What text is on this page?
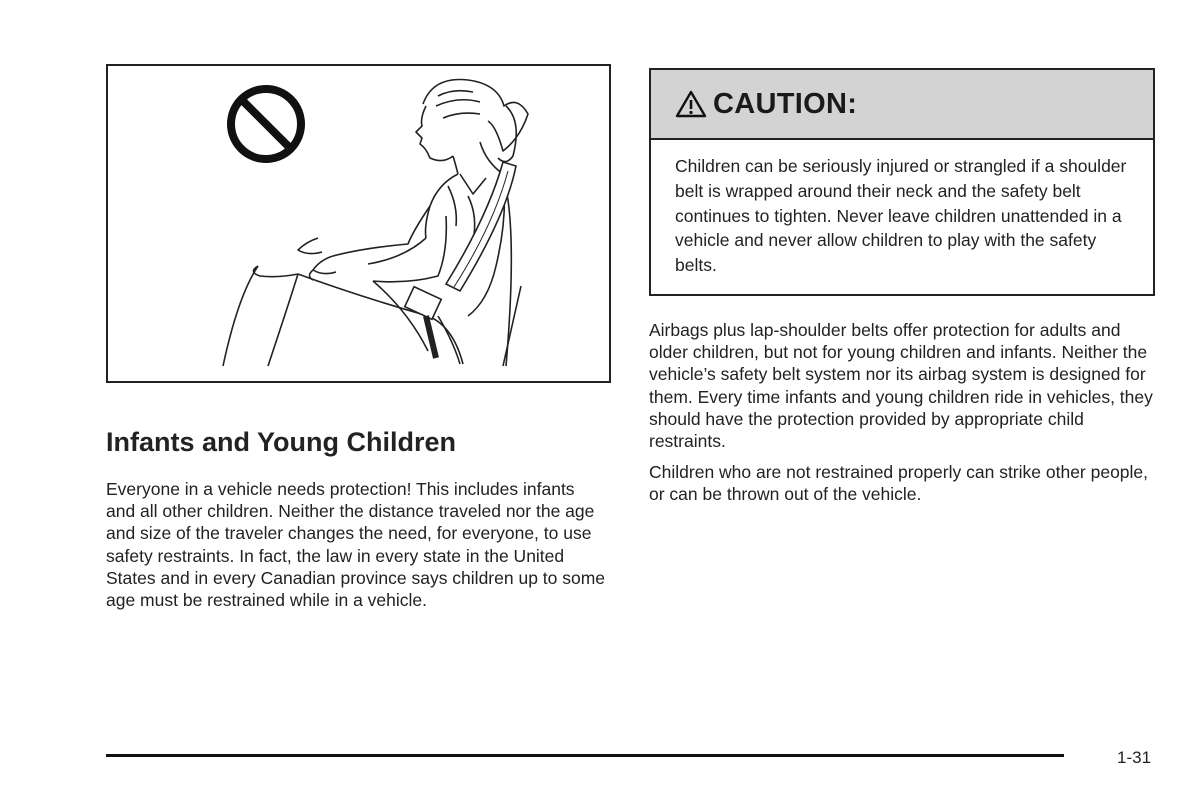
Infants and Young Children

Everyone in a vehicle needs protection! This includes infants and all other children. Neither the distance traveled nor the age and size of the traveler changes the need, for everyone, to use safety restraints. In fact, the law in every state in the United States and in every Canadian province says children up to some age must be restrained while in a vehicle.

CAUTION:

Children can be seriously injured or strangled if a shoulder belt is wrapped around their neck and the safety belt continues to tighten. Never leave children unattended in a vehicle and never allow children to play with the safety belts.

Airbags plus lap-shoulder belts offer protection for adults and older children, but not for young children and infants. Neither the vehicle’s safety belt system nor its airbag system is designed for them. Every time infants and young children ride in vehicles, they should have the protection provided by appropriate child restraints.

Children who are not restrained properly can strike other people, or can be thrown out of the vehicle.

1-31
